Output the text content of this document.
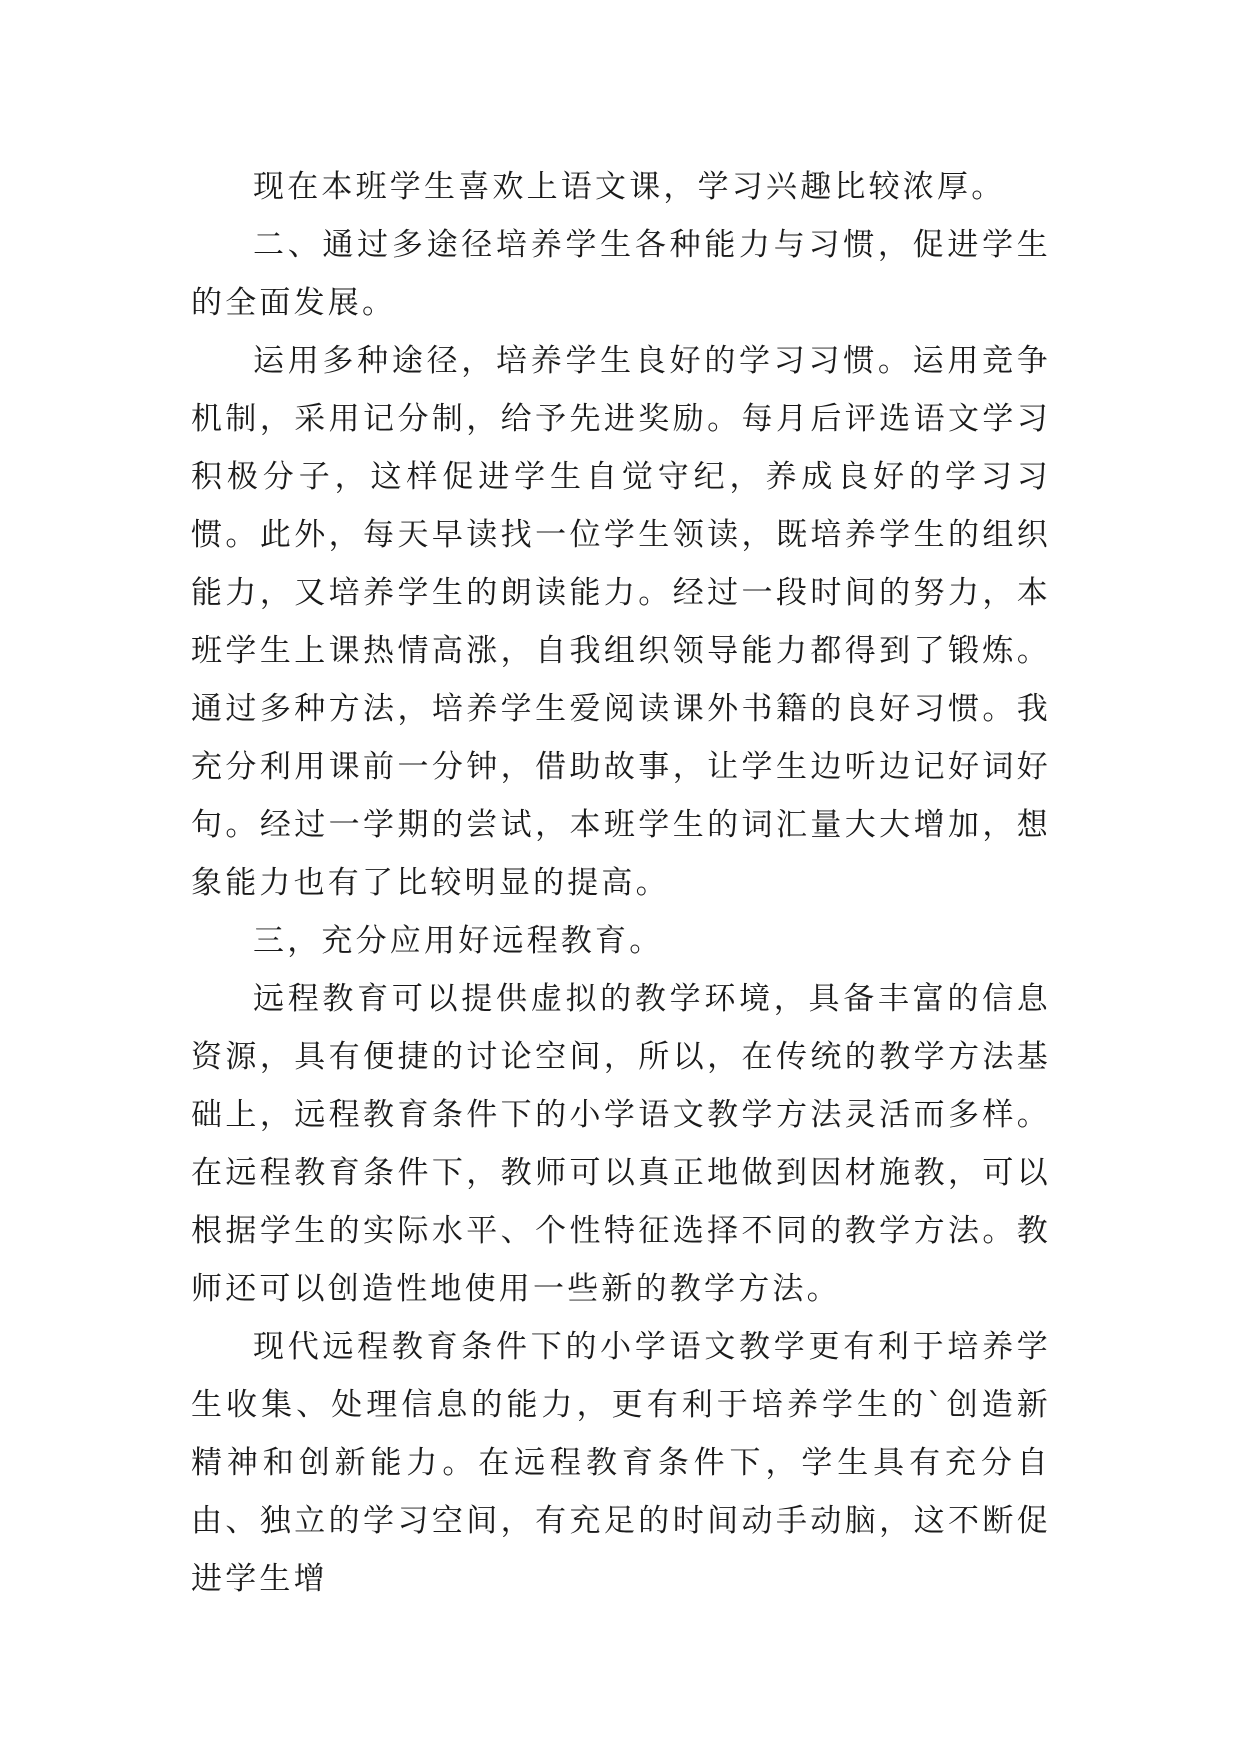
现在本班学生喜欢上语文课，学习兴趣比较浓厚。

二、通过多途径培养学生各种能力与习惯，促进学生的全面发展。

运用多种途径，培养学生良好的学习习惯。运用竞争机制，采用记分制，给予先进奖励。每月后评选语文学习积极分子，这样促进学生自觉守纪，养成良好的学习习惯。此外，每天早读找一位学生领读，既培养学生的组织能力，又培养学生的朗读能力。经过一段时间的努力，本班学生上课热情高涨，自我组织领导能力都得到了锻炼。通过多种方法，培养学生爱阅读课外书籍的良好习惯。我充分利用课前一分钟，借助故事，让学生边听边记好词好句。经过一学期的尝试，本班学生的词汇量大大增加，想象能力也有了比较明显的提高。

三，充分应用好远程教育。

远程教育可以提供虚拟的教学环境，具备丰富的信息资源，具有便捷的讨论空间，所以，在传统的教学方法基础上，远程教育条件下的小学语文教学方法灵活而多样。在远程教育条件下，教师可以真正地做到因材施教，可以根据学生的实际水平、个性特征选择不同的教学方法。教师还可以创造性地使用一些新的教学方法。

现代远程教育条件下的小学语文教学更有利于培养学生收集、处理信息的能力，更有利于培养学生的`创造新精神和创新能力。在远程教育条件下，学生具有充分自由、独立的学习空间，有充足的时间动手动脑，这不断促进学生增
